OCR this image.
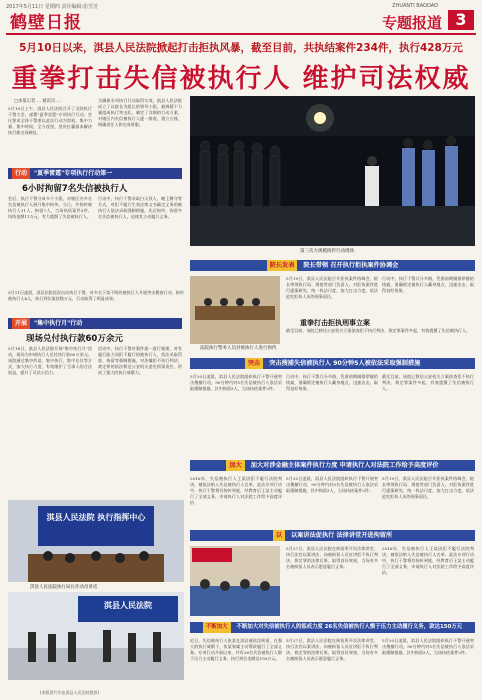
2017年5月11日 星期四 责任编辑:张雪芳
鹤壁日报
ZHUANTI BAODAO
专题报道 3
5月10日以来，淇县人民法院掀起打击拒执风暴，截至目前，共执结案件234件，执行428万元
重拳打击失信被执行人 维护司法权威
□本报记者 … 通讯员 …
5月10日上午，淇县人民法院召开了全院执行干警大会，部署"夏季雷霆"专项执行行动。会议要求全体干警要以此次行动为契机，集中力量、集中时间，全力攻坚，坚决打赢基本解决执行难这场硬仗。
为确保专项执行行动取得实效，淇县人民法院成立了以院长为组长的领导小组，抽调精干力量组成执行突击队，制定了详细的行动方案，对辖区内失信被执行人逐一排查，建立台账，明确责任人和完成时限。
第三次大规模拘传行动现场
行动 "夏季雷霆"专项执行行动第一
6小时拘留7名失信被执行人
会后，执行干警分成多个小组，对辖区内多名失信被执行人展开集中拘传。当日，共拘传被执行人11人，拘留7人，当场执结案件3件，执结金额11万元，有力震慑了失信被执行人。
行动中，执行干警采取白天找人、晚上蹲守等方式，对拒不履行生效法律文书确定义务的被执行人依法采取强制措施，先后拘传、拘留多名失信被执行人，迫使其主动履行义务。
5月11日凌晨，淇县法院再次出动执行干警，对多名下落不明的被执行人开展突击搜查行动，拘传被执行人4人，执行到位案款数万元，行动取得了明显成效。
开展 "集中执行月"行动
现场兑付执行款60万余元
5月18日，淇县人民法院开展"集中执行月"活动，现场为申请执行人兑付执行款60万余元。该院通过集中约谈、集中执行、集中兑付等方式，加大执行力度，有效维护了当事人的合法权益，提升了司法公信力。
活动中，执行干警对案件逐一进行梳理，对有履行能力而拒不履行的被执行人，依法采取罚款、拘留等强制措施，对涉嫌拒不执行判决、裁定罪的依法移送公安机关追究刑事责任，形成了强大的执行威慑力。
淇县人民法院 执行指挥中心
淇县人民法院执行局长作动员讲话
淇县人民法院
(本版图片均由淇县人民法院提供)
院长发表 院长带领 召开执行拒执案件协调会
法院执行警务人员对被执行人进行拘传
5月19日，淇县人民法院召开拒执案件协调会，院长带领执行局、刑庭等部门负责人，对拒执案件进行逐案研究，统一执法尺度，加大打击力度，依法追究拒执人员的刑事责任。
重拳打击拒执刑事立案
截至目前，该院已移送公安机关立案侦查拒不执行判决、裁定罪案件多起，有效震慑了失信被执行人。
行动中，执行干警兵分多路，凭借前期摸排掌握的线索，准确锁定被执行人藏身地点，迅速出击，取得良好效果。
突击 突击搜捕失信被执行人 90分钟5人被依法采取强制措施
5月20日凌晨，淇县人民法院组织执行干警开展突击搜捕行动，90分钟内对5名失信被执行人依法采取强制措施，其中拘留3人，当场执结案件2件。
行动中，执行干警兵分多路，凭借前期摸排掌握的线索，准确锁定被执行人藏身地点，迅速出击，取得良好效果。
截至目前，该院已移送公安机关立案侦查拒不执行判决、裁定罪案件多起，有效震慑了失信被执行人。
加大 加大对涉金融主体案件执行力度 申请执行人对法院工作给予高度评价
2016年，失信被执行人王某因拒不履行法院判决，被依法纳入失信被执行人名单。此次专项行动中，执行干警将其拘传到庭，经教育后王某主动履行了全部义务，申请执行人对法院工作给予高度评价。
5月20日凌晨，淇县人民法院组织执行干警开展突击搜捕行动，90分钟内对5名失信被执行人依法采取强制措施，其中拘留3人，当场执结案件2件。
5月19日，淇县人民法院召开拒执案件协调会，院长带领执行局、刑庭等部门负责人，对拒执案件进行逐案研究，统一执法尺度，加大打击力度，依法追究拒执人员的刑事责任。
以 以案讲法促执行 法律讲堂开进拘留所
5月27日，淇县人民法院在拘留所开设法律讲堂，执行法官以案讲法，向被拘留人员宣讲拒不执行判决、裁定罪的法律后果，取得良好效果，当场有多名被拘留人员表示愿意履行义务。
2016年，失信被执行人王某因拒不履行法院判决，被依法纳入失信被执行人名单。此次专项行动中，执行干警将其拘传到庭，经教育后王某主动履行了全部义务，申请执行人对法院工作给予高度评价。
不断加大 不断加大对失信被执行人的惩戒力度 26名失信被执行人慑于压力主动履行义务，款达150万元
近日，失信被执行人张某在淇县被依法拘留，在强大的执行威慑下，张某家属主动筹款履行了全部义务。专项行动开展以来，共有26名失信被执行人慑于压力主动履行义务，执行到位金额达150万元。
5月27日，淇县人民法院在拘留所开设法律讲堂，执行法官以案讲法，向被拘留人员宣讲拒不执行判决、裁定罪的法律后果，取得良好效果，当场有多名被拘留人员表示愿意履行义务。
5月20日凌晨，淇县人民法院组织执行干警开展突击搜捕行动，90分钟内对5名失信被执行人依法采取强制措施，其中拘留3人，当场执结案件2件。
